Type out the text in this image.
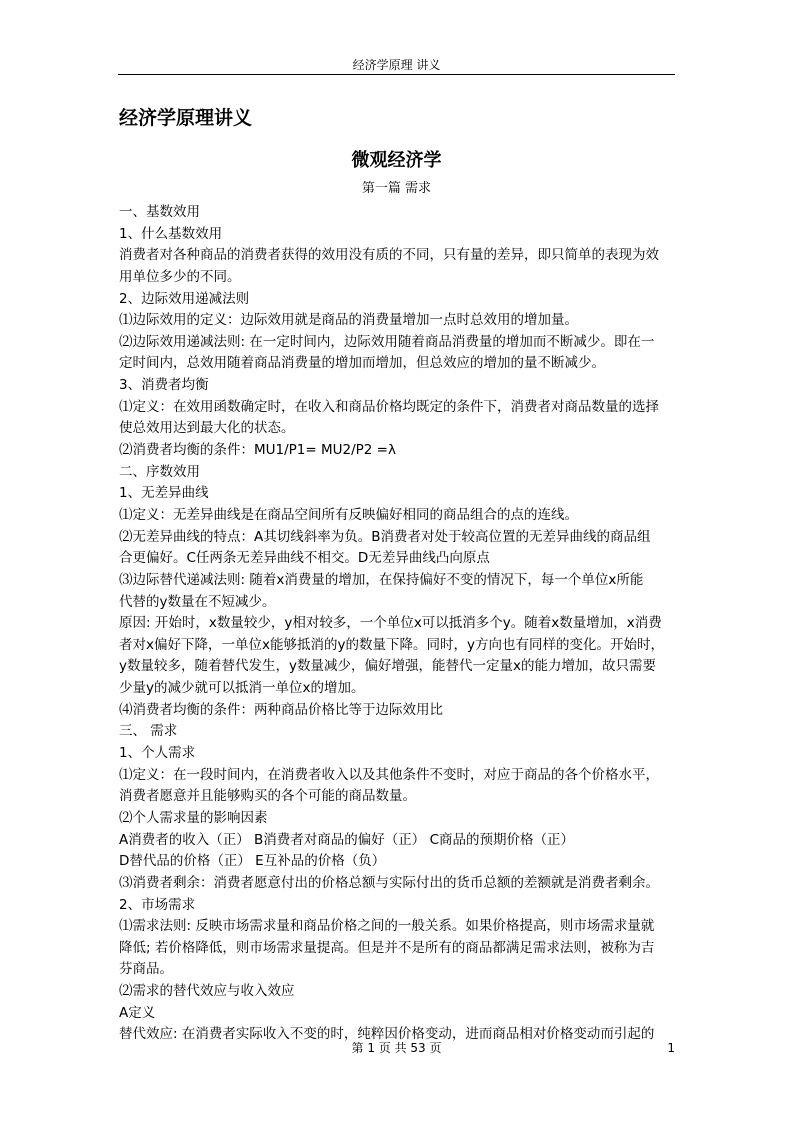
经济学原理 讲义
经济学原理讲义
微观经济学
第一篇 需求
一、基数效用
1、什么基数效用
消费者对各种商品的消费者获得的效用没有质的不同，只有量的差异，即只简单的表现为效
用单位多少的不同。
2、边际效用递减法则
⑴边际效用的定义：边际效用就是商品的消费量增加一点时总效用的增加量。
⑵边际效用递减法则: 在一定时间内，边际效用随着商品消费量的增加而不断减少。即在一
定时间内，总效用随着商品消费量的增加而增加，但总效应的增加的量不断减少。
3、消费者均衡
⑴定义：在效用函数确定时，在收入和商品价格均既定的条件下，消费者对商品数量的选择
使总效用达到最大化的状态。
⑵消费者均衡的条件：MU1/P1= MU2/P2 =λ
二、序数效用
1、无差异曲线
⑴定义：无差异曲线是在商品空间所有反映偏好相同的商品组合的点的连线。
⑵无差异曲线的特点：A其切线斜率为负。B消费者对处于较高位置的无差异曲线的商品组
合更偏好。C任两条无差异曲线不相交。D无差异曲线凸向原点
⑶边际替代递减法则: 随着x消费量的增加，在保持偏好不变的情况下，每一个单位x所能
代替的y数量在不短减少。
原因: 开始时，x数量较少，y相对较多，一个单位x可以抵消多个y。随着x数量增加，x消费
者对x偏好下降，一单位x能够抵消的y的数量下降。同时，y方向也有同样的变化。开始时，
y数量较多，随着替代发生，y数量减少，偏好增强，能替代一定量x的能力增加，故只需要
少量y的减少就可以抵消一单位x的增加。
⑷消费者均衡的条件：两种商品价格比等于边际效用比
三、 需求
1、个人需求
⑴定义：在一段时间内，在消费者收入以及其他条件不变时，对应于商品的各个价格水平，
消费者愿意并且能够购买的各个可能的商品数量。
⑵个人需求量的影响因素
A消费者的收入（正） B消费者对商品的偏好（正） C商品的预期价格（正）
D替代品的价格（正） E互补品的价格（负）
⑶消费者剩余：消费者愿意付出的价格总额与实际付出的货币总额的差额就是消费者剩余。
2、市场需求
⑴需求法则: 反映市场需求量和商品价格之间的一般关系。如果价格提高，则市场需求量就
降低; 若价格降低，则市场需求量提高。但是并不是所有的商品都满足需求法则，被称为吉
芬商品。
⑵需求的替代效应与收入效应
A定义
替代效应: 在消费者实际收入不变的时，纯粹因价格变动，进而商品相对价格变动而引起的
第 1 页 共 53 页	1
